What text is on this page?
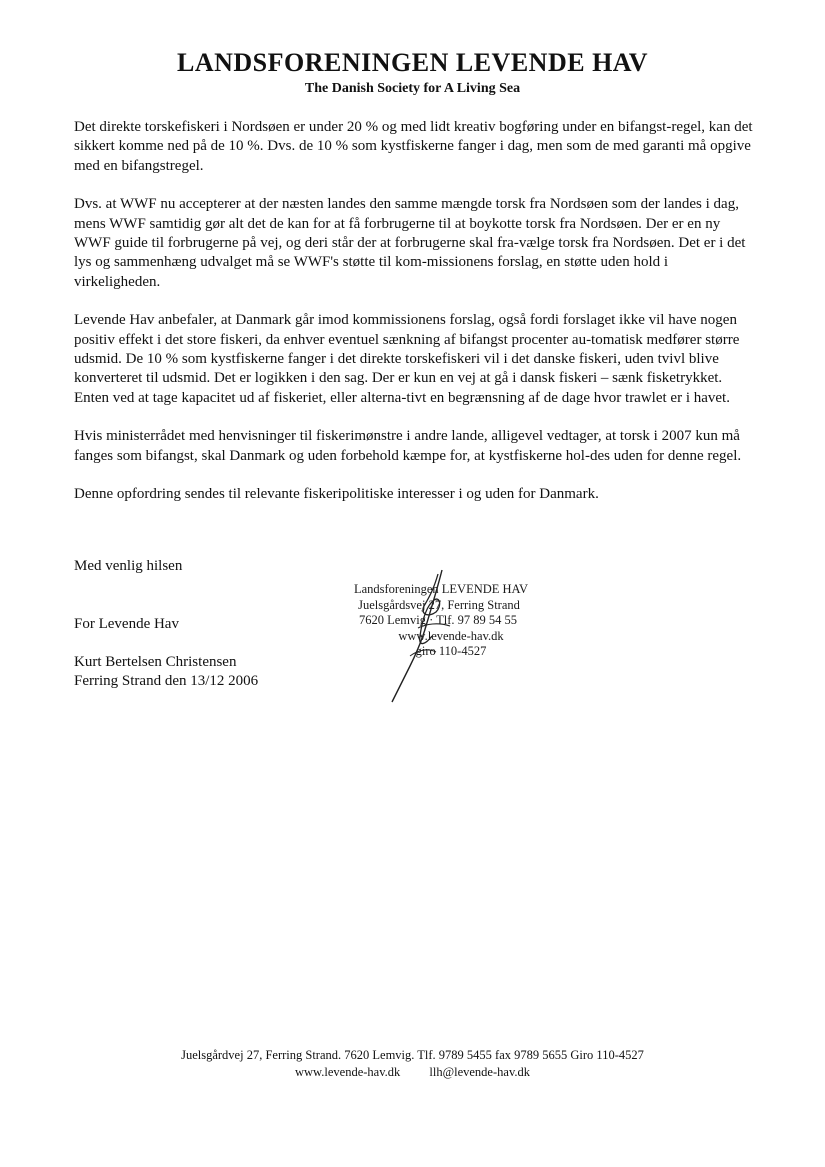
LANDSFORENINGEN LEVENDE HAV
The Danish Society for A Living Sea

Det direkte torskefiskeri i Nordsøen er under 20 % og med lidt kreativ bogføring under en bifangst-regel, kan det sikkert komme ned på de 10 %. Dvs. de 10 % som kystfiskerne fanger i dag, men som de med garanti må opgive med en bifangstregel.

Dvs. at WWF nu accepterer at der næsten landes den samme mængde torsk fra Nordsøen som der landes i dag, mens WWF samtidig gør alt det de kan for at få forbrugerne til at boykotte torsk fra Nordsøen. Der er en ny WWF guide til forbrugerne på vej, og deri står der at forbrugerne skal fra-vælge torsk fra Nordsøen. Det er i det lys og sammenhæng udvalget må se WWF's støtte til kom-missionens forslag, en støtte uden hold i virkeligheden.

Levende Hav anbefaler, at Danmark går imod kommissionens forslag, også fordi forslaget ikke vil have nogen positiv effekt i det store fiskeri, da enhver eventuel sænkning af bifangst procenter au-tomatisk medfører større udsmid. De 10 % som kystfiskerne fanger i det direkte torskefiskeri vil i det danske fiskeri, uden tvivl blive konverteret til udsmid. Det er logikken i den sag. Der er kun en vej at gå i dansk fiskeri – sænk fisketrykket. Enten ved at tage kapacitet ud af fiskeriet, eller alterna-tivt en begrænsning af de dage hvor trawlet er i havet.

Hvis ministerrådet med henvisninger til fiskerimønstre i andre lande, alligevel vedtager, at torsk i 2007 kun må fanges som bifangst, skal Danmark og uden forbehold kæmpe for, at kystfiskerne hol-des uden for denne regel.

Denne opfordring sendes til relevante fiskeripolitiske interesser i og uden for Danmark.

Med venlig hilsen
For Levende Hav
Kurt Bertelsen Christensen
Ferring Strand den 13/12 2006
Landsforeningen LEVENDE HAV
Juelsgårdsvej 27, Ferring Strand
7620 Lemvig · Tlf. 97 89 54 55
www.levende-hav.dk
giro 110-4527
Juelsgårdvej 27, Ferring Strand. 7620 Lemvig. Tlf. 9789 5455 fax 9789 5655 Giro 110-4527
www.levende-hav.dk llh@levende-hav.dk
